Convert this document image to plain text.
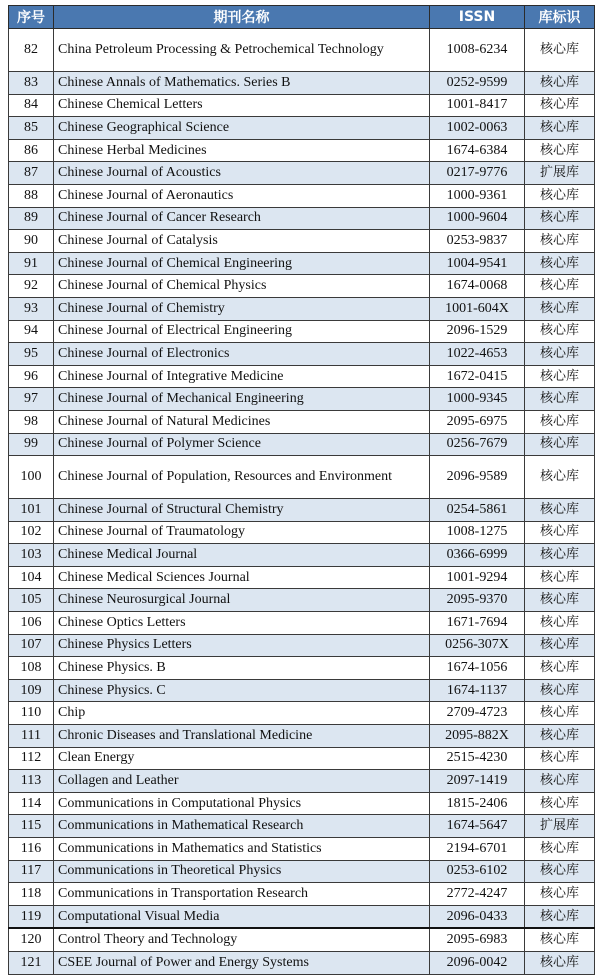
序号	期刊名称	ISSN	库标识
82	China Petroleum Processing & Petrochemical Technology	1008-6234	核心库
83	Chinese Annals of Mathematics. Series B	0252-9599	核心库
84	Chinese Chemical Letters	1001-8417	核心库
85	Chinese Geographical Science	1002-0063	核心库
86	Chinese Herbal Medicines	1674-6384	核心库
87	Chinese Journal of Acoustics	0217-9776	扩展库
88	Chinese Journal of Aeronautics	1000-9361	核心库
89	Chinese Journal of Cancer Research	1000-9604	核心库
90	Chinese Journal of Catalysis	0253-9837	核心库
91	Chinese Journal of Chemical Engineering	1004-9541	核心库
92	Chinese Journal of Chemical Physics	1674-0068	核心库
93	Chinese Journal of Chemistry	1001-604X	核心库
94	Chinese Journal of Electrical Engineering	2096-1529	核心库
95	Chinese Journal of Electronics	1022-4653	核心库
96	Chinese Journal of Integrative Medicine	1672-0415	核心库
97	Chinese Journal of Mechanical Engineering	1000-9345	核心库
98	Chinese Journal of Natural Medicines	2095-6975	核心库
99	Chinese Journal of Polymer Science	0256-7679	核心库
100	Chinese Journal of Population, Resources and Environment	2096-9589	核心库
101	Chinese Journal of Structural Chemistry	0254-5861	核心库
102	Chinese Journal of Traumatology	1008-1275	核心库
103	Chinese Medical Journal	0366-6999	核心库
104	Chinese Medical Sciences Journal	1001-9294	核心库
105	Chinese Neurosurgical Journal	2095-9370	核心库
106	Chinese Optics Letters	1671-7694	核心库
107	Chinese Physics Letters	0256-307X	核心库
108	Chinese Physics. B	1674-1056	核心库
109	Chinese Physics. C	1674-1137	核心库
110	Chip	2709-4723	核心库
111	Chronic Diseases and Translational Medicine	2095-882X	核心库
112	Clean Energy	2515-4230	核心库
113	Collagen and Leather	2097-1419	核心库
114	Communications in Computational Physics	1815-2406	核心库
115	Communications in Mathematical Research	1674-5647	扩展库
116	Communications in Mathematics and Statistics	2194-6701	核心库
117	Communications in Theoretical Physics	0253-6102	核心库
118	Communications in Transportation Research	2772-4247	核心库
119	Computational Visual Media	2096-0433	核心库
120	Control Theory and Technology	2095-6983	核心库
121	CSEE Journal of Power and Energy Systems	2096-0042	核心库
